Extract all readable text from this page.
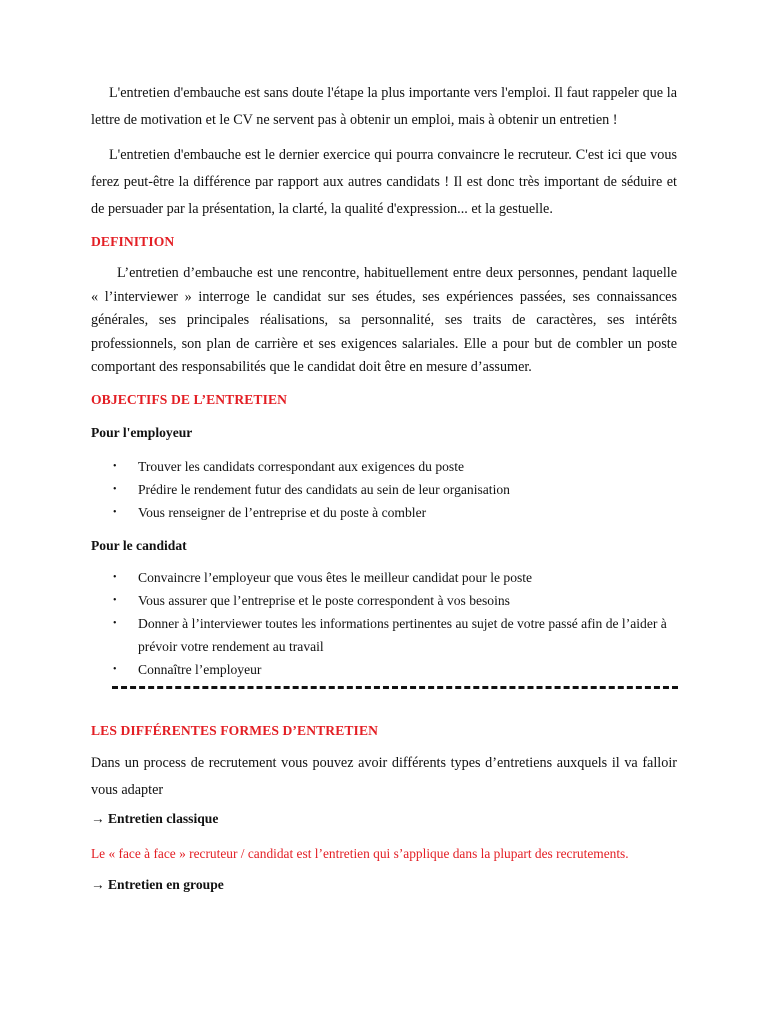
L'entretien d'embauche est sans doute l'étape la plus importante vers l'emploi. Il faut rappeler que la lettre de motivation et le CV ne servent pas à obtenir un emploi, mais à obtenir un entretien !
L'entretien d'embauche est le dernier exercice qui pourra convaincre le recruteur. C'est ici que vous ferez peut-être la différence par rapport aux autres candidats ! Il est donc très important de séduire et de persuader par la présentation, la clarté, la qualité d'expression... et la gestuelle.
DEFINITION
L’entretien d’embauche est une rencontre, habituellement entre deux personnes, pendant laquelle « l’interviewer » interroge le candidat sur ses études, ses expériences passées, ses connaissances générales, ses principales réalisations, sa personnalité, ses traits de caractères, ses intérêts professionnels, son plan de carrière et ses exigences salariales. Elle a pour but de combler un poste comportant des responsabilités que le candidat doit être en mesure d’assumer.
OBJECTIFS DE L’ENTRETIEN
Pour l'employeur
• Trouver les candidats correspondant aux exigences du poste
• Prédire le rendement futur des candidats au sein de leur organisation
• Vous renseigner de l’entreprise et du poste à combler
Pour le candidat
• Convaincre l’employeur que vous êtes le meilleur candidat pour le poste
• Vous assurer que l’entreprise et le poste correspondent à vos besoins
• Donner à l’interviewer toutes les informations pertinentes au sujet de votre passé afin de l’aider à prévoir votre rendement au travail
• Connaître l’employeur
LES DIFFÉRENTES FORMES D’ENTRETIEN
Dans un process de recrutement vous pouvez avoir différents types d’entretiens auxquels il va falloir vous adapter
→ Entretien classique
Le « face à face » recruteur / candidat est l’entretien qui s’applique dans la plupart des recrutements.
→ Entretien en groupe
